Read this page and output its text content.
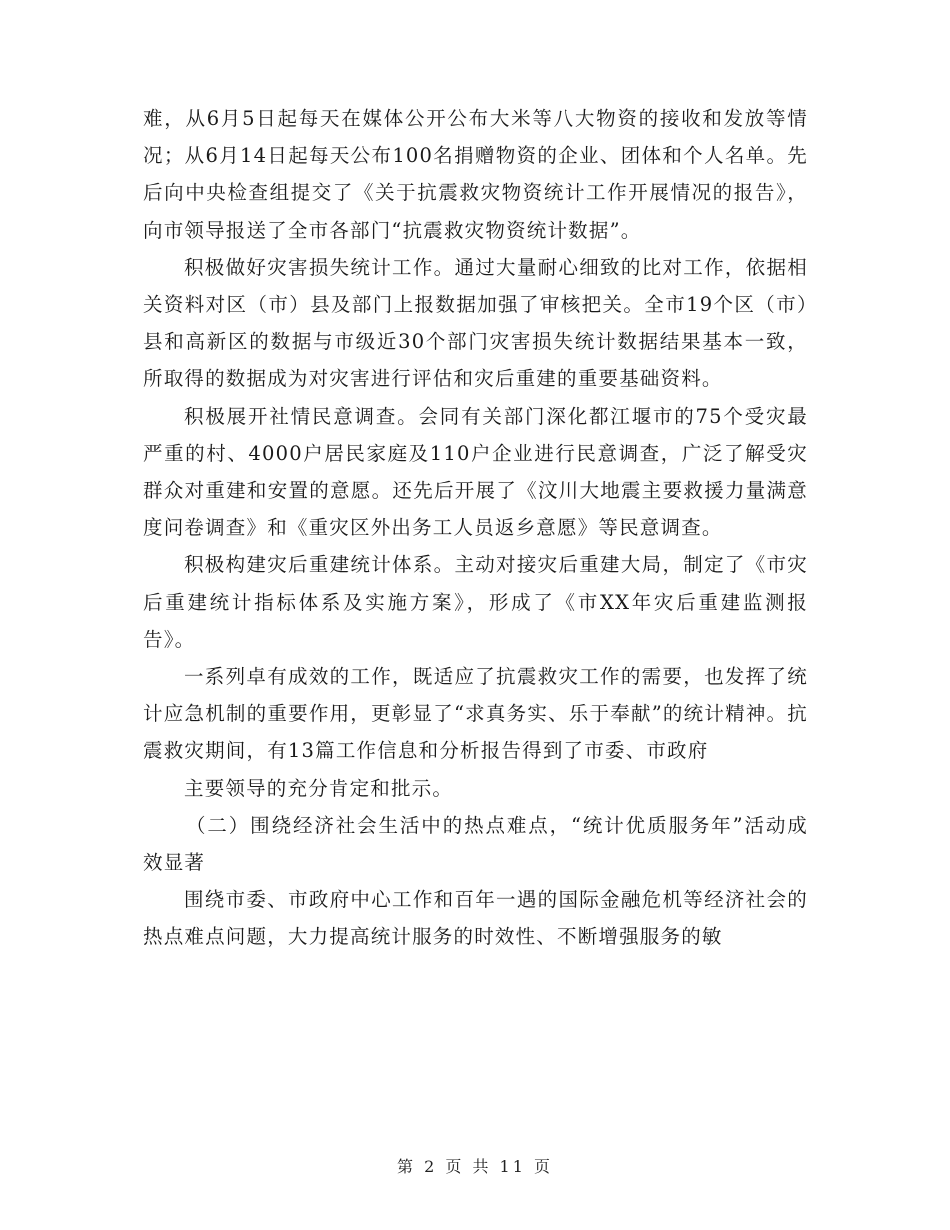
难，从6月5日起每天在媒体公开公布大米等八大物资的接收和发放等情况；从6月14日起每天公布100名捐赠物资的企业、团体和个人名单。先后向中央检查组提交了《关于抗震救灾物资统计工作开展情况的报告》，向市领导报送了全市各部门“抗震救灾物资统计数据”。

积极做好灾害损失统计工作。通过大量耐心细致的比对工作，依据相关资料对区（市）县及部门上报数据加强了审核把关。全市19个区（市）县和高新区的数据与市级近30个部门灾害损失统计数据结果基本一致，所取得的数据成为对灾害进行评估和灾后重建的重要基础资料。

积极展开社情民意调查。会同有关部门深化都江堰市的75个受灾最严重的村、4000户居民家庭及110户企业进行民意调查，广泛了解受灾群众对重建和安置的意愿。还先后开展了《汶川大地震主要救援力量满意度问卷调查》和《重灾区外出务工人员返乡意愿》等民意调查。

积极构建灾后重建统计体系。主动对接灾后重建大局，制定了《市灾后重建统计指标体系及实施方案》，形成了《市XX年灾后重建监测报告》。

一系列卓有成效的工作，既适应了抗震救灾工作的需要，也发挥了统计应急机制的重要作用，更彰显了“求真务实、乐于奉献”的统计精神。抗震救灾期间，有13篇工作信息和分析报告得到了市委、市政府

主要领导的充分肯定和批示。

（二）围绕经济社会生活中的热点难点，“统计优质服务年”活动成效显著

围绕市委、市政府中心工作和百年一遇的国际金融危机等经济社会的热点难点问题，大力提高统计服务的时效性、不断增强服务的敏

第 2 页 共 11 页
